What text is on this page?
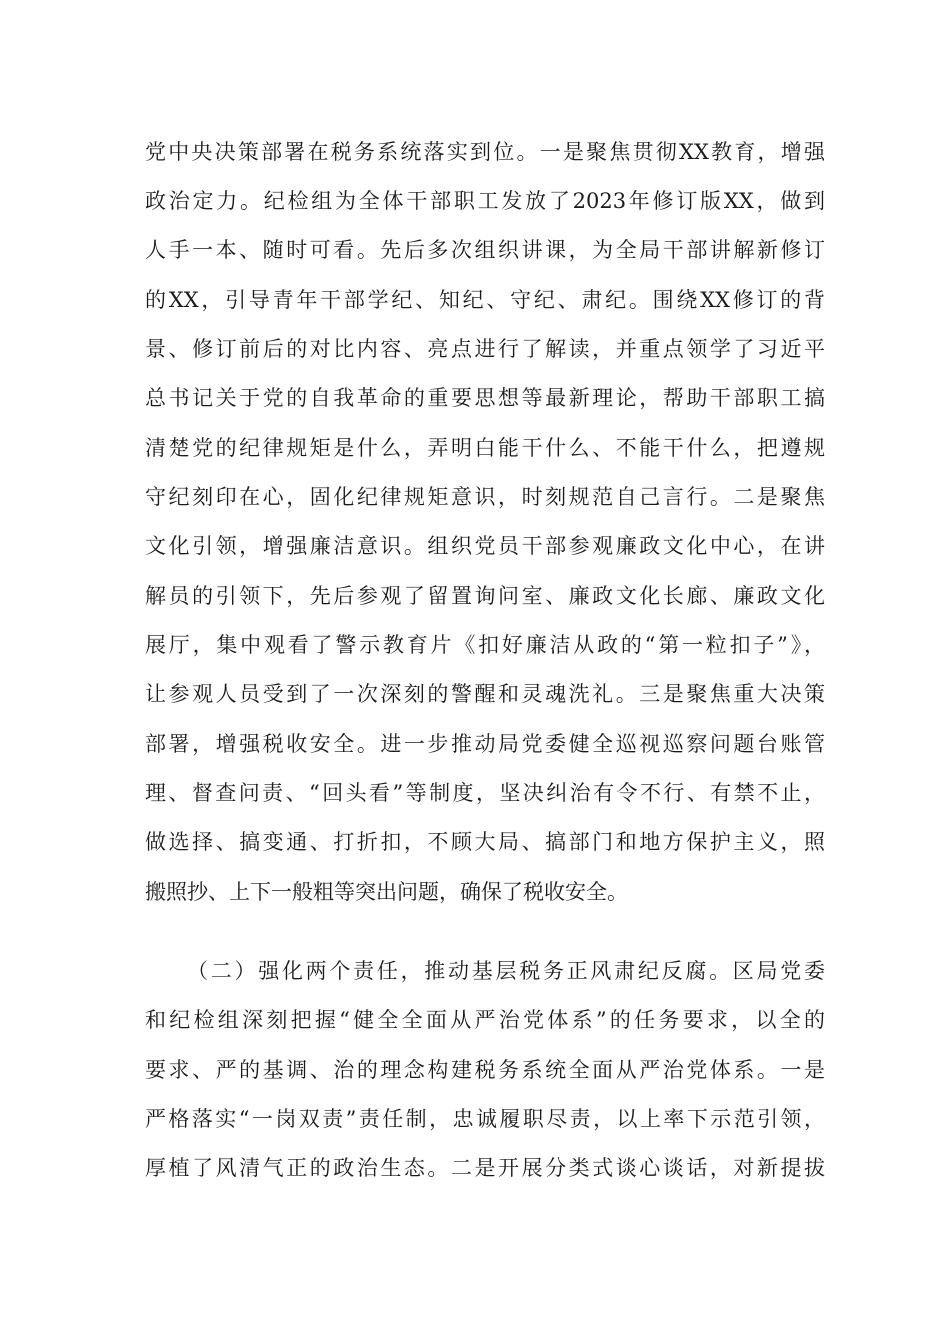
党中央决策部署在税务系统落实到位。一是聚焦贯彻XX教育，增强
政治定力。纪检组为全体干部职工发放了2023年修订版XX，做到
人手一本、随时可看。先后多次组织讲课，为全局干部讲解新修订
的XX，引导青年干部学纪、知纪、守纪、肃纪。围绕XX修订的背
景、修订前后的对比内容、亮点进行了解读，并重点领学了习近平
总书记关于党的自我革命的重要思想等最新理论，帮助干部职工搞
清楚党的纪律规矩是什么，弄明白能干什么、不能干什么，把遵规
守纪刻印在心，固化纪律规矩意识，时刻规范自己言行。二是聚焦
文化引领，增强廉洁意识。组织党员干部参观廉政文化中心，在讲
解员的引领下，先后参观了留置询问室、廉政文化长廊、廉政文化
展厅，集中观看了警示教育片《扣好廉洁从政的“第一粒扣子”》，
让参观人员受到了一次深刻的警醒和灵魂洗礼。三是聚焦重大决策
部署，增强税收安全。进一步推动局党委健全巡视巡察问题台账管
理、督查问责、“回头看”等制度，坚决纠治有令不行、有禁不止，
做选择、搞变通、打折扣，不顾大局、搞部门和地方保护主义，照
搬照抄、上下一般粗等突出问题，确保了税收安全。
（二）强化两个责任，推动基层税务正风肃纪反腐。区局党委
和纪检组深刻把握“健全全面从严治党体系”的任务要求，以全的
要求、严的基调、治的理念构建税务系统全面从严治党体系。一是
严格落实“一岗双责”责任制，忠诚履职尽责，以上率下示范引领，
厚植了风清气正的政治生态。二是开展分类式谈心谈话，对新提拔
